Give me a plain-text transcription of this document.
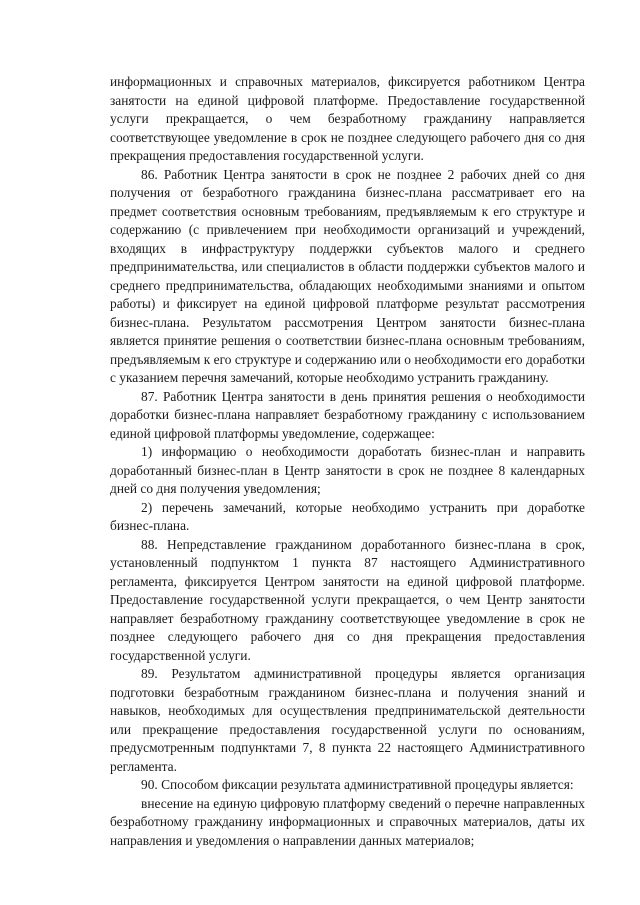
информационных и справочных материалов, фиксируется работником Центра занятости на единой цифровой платформе. Предоставление государственной услуги прекращается, о чем безработному гражданину направляется соответствующее уведомление в срок не позднее следующего рабочего дня со дня прекращения предоставления государственной услуги.

86. Работник Центра занятости в срок не позднее 2 рабочих дней со дня получения от безработного гражданина бизнес-плана рассматривает его на предмет соответствия основным требованиям, предъявляемым к его структуре и содержанию (с привлечением при необходимости организаций и учреждений, входящих в инфраструктуру поддержки субъектов малого и среднего предпринимательства, или специалистов в области поддержки субъектов малого и среднего предпринимательства, обладающих необходимыми знаниями и опытом работы) и фиксирует на единой цифровой платформе результат рассмотрения бизнес-плана. Результатом рассмотрения Центром занятости бизнес-плана является принятие решения о соответствии бизнес-плана основным требованиям, предъявляемым к его структуре и содержанию или о необходимости его доработки с указанием перечня замечаний, которые необходимо устранить гражданину.

87. Работник Центра занятости в день принятия решения о необходимости доработки бизнес-плана направляет безработному гражданину с использованием единой цифровой платформы уведомление, содержащее:

1) информацию о необходимости доработать бизнес-план и направить доработанный бизнес-план в Центр занятости в срок не позднее 8 календарных дней со дня получения уведомления;

2) перечень замечаний, которые необходимо устранить при доработке бизнес-плана.

88. Непредставление гражданином доработанного бизнес-плана в срок, установленный подпунктом 1 пункта 87 настоящего Административного регламента, фиксируется Центром занятости на единой цифровой платформе. Предоставление государственной услуги прекращается, о чем Центр занятости направляет безработному гражданину соответствующее уведомление в срок не позднее следующего рабочего дня со дня прекращения предоставления государственной услуги.

89. Результатом административной процедуры является организация подготовки безработным гражданином бизнес-плана и получения знаний и навыков, необходимых для осуществления предпринимательской деятельности или прекращение предоставления государственной услуги по основаниям, предусмотренным подпунктами 7, 8 пункта 22 настоящего Административного регламента.

90. Способом фиксации результата административной процедуры является:

внесение на единую цифровую платформу сведений о перечне направленных безработному гражданину информационных и справочных материалов, даты их направления и уведомления о направлении данных материалов;
